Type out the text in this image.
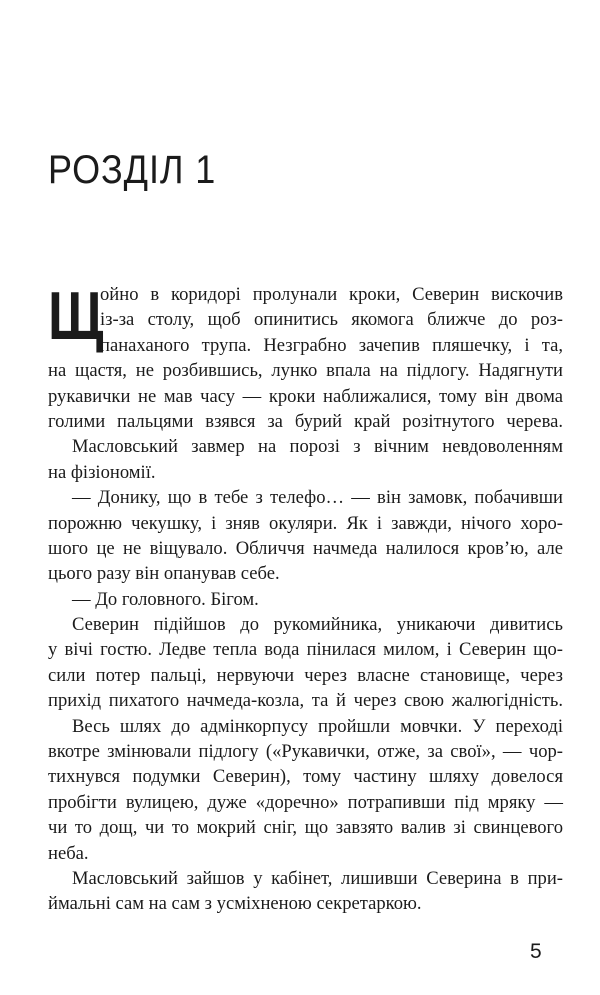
РОЗДІЛ 1
Щ
ойно в коридорі пролунали кроки, Северин вискочив
із-за столу, щоб опинитись якомога ближче до роз-
панаханого трупа. Незграбно зачепив пляшечку, і та,
на щастя, не розбившись, лунко впала на підлогу. Надягнути
рукавички не мав часу — кроки наближалися, тому він двома
голими пальцями взявся за бурий край розітнутого черева.
Масловський завмер на порозі з вічним невдоволенням
на фізіономії.
— Донику, що в тебе з телефо… — він замовк, побачивши
порожню чекушку, і зняв окуляри. Як і завжди, нічого хоро-
шого це не віщувало. Обличчя начмеда налилося кров’ю, але
цього разу він опанував себе.
— До головного. Бігом.
Северин підійшов до рукомийника, уникаючи дивитись
у вічі гостю. Ледве тепла вода пінилася милом, і Северин що-
сили потер пальці, нервуючи через власне становище, через
прихід пихатого начмеда-козла, та й через свою жалюгідність.
Весь шлях до адмінкорпусу пройшли мовчки. У переході
вкотре змінювали підлогу («Рукавички, отже, за свої», — чор-
тихнувся подумки Северин), тому частину шляху довелося
пробігти вулицею, дуже «доречно» потрапивши під мряку —
чи то дощ, чи то мокрий сніг, що завзято валив зі свинцевого
неба.
Масловський зайшов у кабінет, лишивши Северина в при-
ймальні сам на сам з усміхненою секретаркою.
5
